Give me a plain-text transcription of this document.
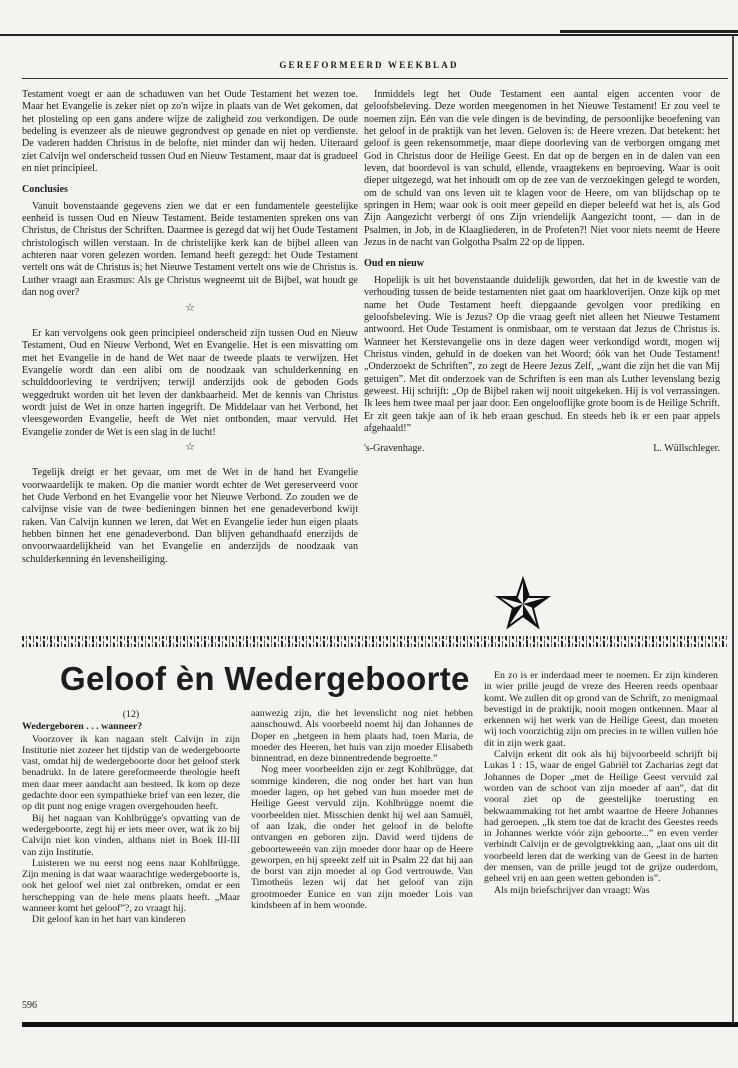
GEREFORMEERD WEEKBLAD

Testament voegt er aan de schaduwen van het Oude Testament het wezen toe. Maar het Evangelie is zeker niet op zo'n wijze in plaats van de Wet gekomen, dat het plosteling op een gans andere wijze de zaligheid zou verkondigen. De oude bedeling is evenzeer als de nieuwe gegrondvest op genade en niet op verdienste. De vaderen hadden Christus in de belofte, niet minder dan wij heden. Uiteraard ziet Calvijn wel onderscheid tussen Oud en Nieuw Testament, maar dat is gradueel en niet principieel.

Conclusies

Vanuit bovenstaande gegevens zien we dat er een fundamentele geestelijke eenheid is tussen Oud en Nieuw Testament. Beide testamenten spreken ons van Christus, de Christus der Schriften. Daarmee is gezegd dat wij het Oude Testament christologisch willen verstaan. In de christelijke kerk kan de bijbel alleen van achteren naar voren gelezen worden. Iemand heeft gezegd: het Oude Testament vertelt ons wát de Christus is; het Nieuwe Testament vertelt ons wie de Christus is. Luther vraagt aan Erasmus: Als ge Christus wegneemt uit de Bijbel, wat houdt ge dan nog over?

☆

Er kan vervolgens ook geen principieel onderscheid zijn tussen Oud en Nieuw Testament, Oud en Nieuw Verbond, Wet en Evangelie. Het is een misvatting om met het Evangelie in de hand de Wet naar de tweede plaats te verwijzen. Het Evangelie wordt dan een alibi om de noodzaak van schulderkenning en schulddoorleving te verdrijven; terwijl anderzijds ook de geboden Gods weggedrukt worden uit het leven der dankbaarheid. Met de kennis van Christus wordt juist de Wet in onze harten ingegrift. De Middelaar van het Verbond, het vleesgeworden Evangelie, heeft de Wet niet ontbonden, maar vervuld. Het Evangelie zonder de Wet is een slag in de lucht!

☆

Tegelijk dreigt er het gevaar, om met de Wet in de hand het Evangelie voorwaardelijk te maken. Op die manier wordt echter de Wet gereserveerd voor het Oude Verbond en het Evangelie voor het Nieuwe Verbond. Zo zouden we de calvijnse visie van de twee bedieningen binnen het ene genadeverbond kwijt raken. Van Calvijn kunnen we leren, dat Wet en Evangelie ieder hun eigen plaats hebben binnen het ene genadeverbond. Dan blijven gehandhaafd enerzijds de onvoorwaardelijkheid van het Evangelie en anderzijds de noodzaak van schulderkenning én levensheiliging.

Inmiddels legt het Oude Testament een aantal eigen accenten voor de geloofsbeleving. Deze worden meegenomen in het Nieuwe Testament! Er zou veel te noemen zijn. Eén van die vele dingen is de bevinding, de persoonlijke beoefening van het geloof in de praktijk van het leven. Geloven is: de Heere vrezen. Dat betekent: het geloof is geen rekensommetje, maar diepe doorleving van de verborgen omgang met God in Christus door de Heilige Geest. En dat op de bergen en in de dalen van een leven, dat boordevol is van schuld, ellende, vraagtekens en beproeving. Waar is ooit dieper uitgezegd, wat het inhoudt om op de zee van de verzoekingen gelegd te worden, om de schuld van ons leven uit te klagen voor de Heere, om van blijdschap op te springen in Hem; waar ook is ooit meer gepeild en dieper beleefd wat het is, als God Zijn Aangezicht verbergt óf ons Zijn vriendelijk Aangezicht toont, — dan in de Psalmen, in Job, in de Klaagliederen, in de Profeten?! Niet voor niets neemt de Heere Jezus in de nacht van Golgotha Psalm 22 op de lippen.

Oud en nieuw

Hopelijk is uit het bovenstaande duidelijk geworden, dat het in de kwestie van de verhouding tussen de beide testamenten niet gaat om haarkloverijen. Onze kijk op met name het Oude Testament heeft diepgaande gevolgen voor prediking en geloofsbeleving. Wie is Jezus? Op die vraag geeft niet alleen het Nieuwe Testament antwoord. Het Oude Testament is onmisbaar, om te verstaan dat Jezus de Christus is. Wanneer het Kerstevangelie ons in deze dagen weer verkondigd wordt, mogen wij Christus vinden, gehuld in de doeken van het Woord; óók van het Oude Testament! „Onderzoekt de Schriften”, zo zegt de Heere Jezus Zelf, „want die zijn het die van Mij getuigen”. Met dit onderzoek van de Schriften is een man als Luther levenslang bezig geweest. Hij schrijft: „Op de Bijbel raken wij nooit uitgekeken. Hij is vol verrassingen. Ik lees hem twee maal per jaar door. Een ongelooflijke grote boom is de Heilige Schrift. Er zit geen takje aan of ik heb eraan geschud. En steeds heb ik er een paar appels afgehaald!”

's-Gravenhage.	L. Wüllschleger.
Geloof èn Wedergeboorte

(12)

Wedergeboren . . . wanneer?

Voorzover ik kan nagaan stelt Calvijn in zijn Institutie niet zozeer het tijdstip van de wedergeboorte vast, omdat hij de wedergeboorte door het geloof sterk benadrukt. In de latere gereformeerde theologie heeft men daar meer aandacht aan besteed. Ik kom op deze gedachte door een sympathieke brief van een lezer, die op dit punt nog enige vragen overgehouden heeft.

Bij het nagaan van Kohlbrügge's opvatting van de wedergeboorte, zegt hij er iets meer over, wat ik zo bij Calvijn niet kon vinden, althans niet in Boek III-III van zijn Institutie.

Luisteren we nu eerst nog eens naar Kohlbrügge. Zijn mening is dat waar waarachtige wedergeboorte is, ook het geloof wel niet zal ontbreken, omdat er een herschepping van de hele mens plaats heeft. „Maar wanneer komt het geloof”?, zo vraagt hij.

Dit geloof kan in het hart van kinderen

aanwezig zijn, die het levenslicht nog niet hebben aanschouwd. Als voorbeeld noemt hij dan Johannes de Doper en „hetgeen in hem plaats had, toen Maria, de moeder des Heeren, het huis van zijn moeder Elisabeth binnentrad, en deze binnentredende begroette.”

Nog meer voorbeelden zijn er zegt Kohlbrügge, dat sommige kinderen, die nog onder het hart van hun moeder lagen, op het gebed van hun moeder met de Heilige Geest vervuld zijn. Kohlbrügge noemt die voorbeelden niet. Misschien denkt hij wel aan Samuël, of aan Izak, die onder het geloof in de belofte ontvangen en geboren zijn. David werd tijdens de geboorteweeën van zijn moeder door haar op de Heere geworpen, en hij spreekt zelf uit in Psalm 22 dat hij aan de borst van zijn moeder al op God vertrouwde. Van Timotheüs lezen wij dat het geloof van zijn grootmoeder Eunice en van zijn moeder Lois van kindsbeen af in hem woonde.

En zo is er inderdaad meer te noemen. Er zijn kinderen in wier prille jeugd de vreze des Heeren reeds openbaar komt. We zullen dit op grond van de Schrift, zo menigmaal bevestigd in de praktijk, nooit mogen ontkennen. Maar al erkennen wij het werk van de Heilige Geest, dan moeten wij toch voorzichtig zijn om precies in te willen vullen hóe dit in zijn werk gaat.

Calvijn erkent dit ook als hij bijvoorbeeld schrijft bij Lukas 1 : 15, waar de engel Gabriël tot Zacharias zegt dat Johannes de Doper „met de Heilige Geest vervuld zal worden van de schoot van zijn moeder af aan”, dat dit vooral ziet op de geestelijke toerusting en bekwaammaking tot het ambt waartoe de Heere Johannes had geroepen. „Ik stem toe dat de kracht des Geestes reeds in Johannes werkte vóór zijn geboorte...” en even verder verbindt Calvijn er de gevolgtrekking aan, „laat ons uit dit voorbeeld leren dat de werking van de Geest in de harten der mensen, van de prille jeugd tot de grijze ouderdom, geheel vrij en aan geen wetten gebonden is”.

Als mijn briefschrijver dan vraagt: Was

596
